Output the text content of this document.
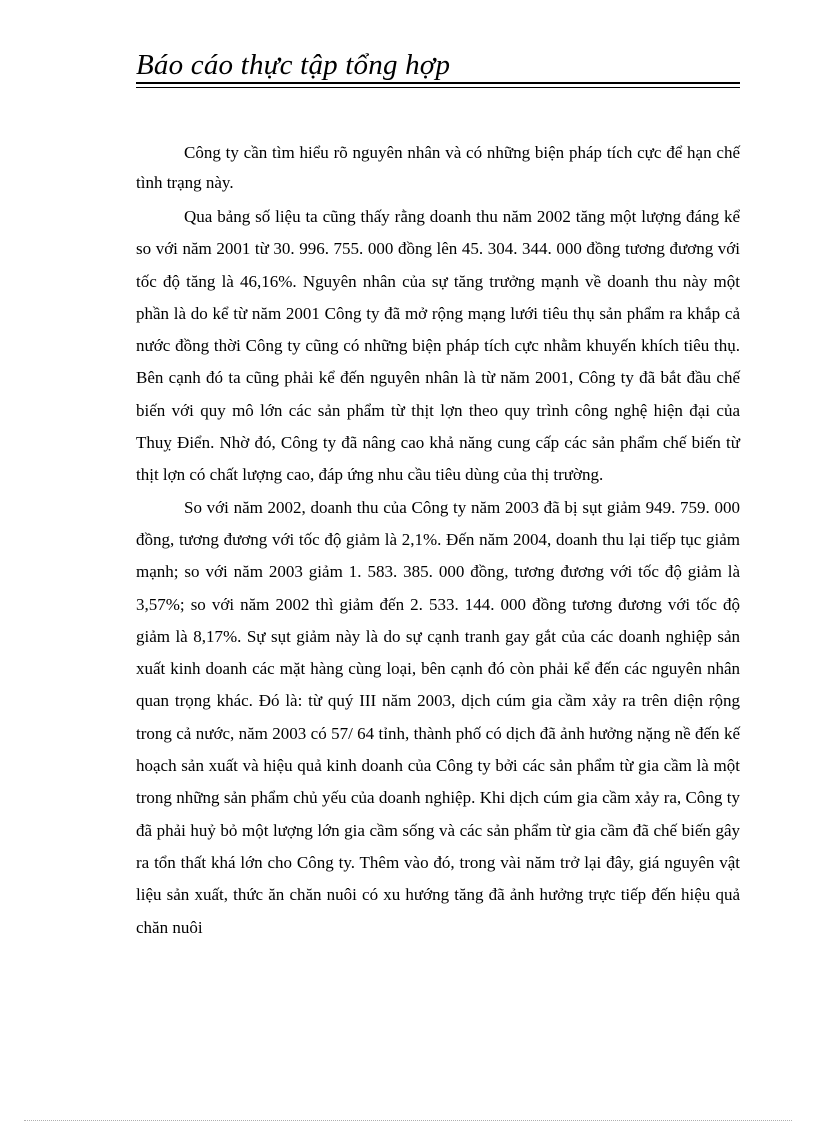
Báo cáo thực tập tổng hợp

Công ty cần tìm hiểu rõ nguyên nhân và có những biện pháp tích cực để hạn chế tình trạng này.

Qua bảng số liệu ta cũng thấy rằng doanh thu năm 2002 tăng một lượng đáng kể so với năm 2001 từ 30. 996. 755. 000 đồng lên 45. 304. 344. 000 đồng tương đương với tốc độ tăng là 46,16%. Nguyên nhân của sự tăng trưởng mạnh về doanh thu này một phần là do kể từ năm 2001 Công ty đã mở rộng mạng lưới tiêu thụ sản phẩm ra khắp cả nước đồng thời Công ty cũng có những biện pháp tích cực nhằm khuyến khích tiêu thụ. Bên cạnh đó ta cũng phải kể đến nguyên nhân là từ năm 2001, Công ty đã bắt đầu chế biến với quy mô lớn các sản phẩm từ thịt lợn theo quy trình công nghệ hiện đại của Thuỵ Điển. Nhờ đó, Công ty đã nâng cao khả năng cung cấp các sản phẩm chế biến từ thịt lợn có chất lượng cao, đáp ứng nhu cầu tiêu dùng của thị trường.

So với năm 2002, doanh thu của Công ty năm 2003 đã bị sụt giảm 949. 759. 000 đồng, tương đương với tốc độ giảm là 2,1%. Đến năm 2004, doanh thu lại tiếp tục giảm mạnh; so với năm 2003 giảm 1. 583. 385. 000 đồng, tương đương với tốc độ giảm là 3,57%; so với năm 2002 thì giảm đến 2. 533. 144. 000 đồng tương đương với tốc độ giảm là 8,17%. Sự sụt giảm này là do sự cạnh tranh gay gắt của các doanh nghiệp sản xuất kinh doanh các mặt hàng cùng loại, bên cạnh đó còn phải kể đến các nguyên nhân quan trọng khác. Đó là: từ quý III năm 2003, dịch cúm gia cầm xảy ra trên diện rộng trong cả nước, năm 2003 có 57/ 64 tỉnh, thành phố có dịch đã ảnh hưởng nặng nề đến kế hoạch sản xuất và hiệu quả kinh doanh của Công ty bởi các sản phẩm từ gia cầm là một trong những sản phẩm chủ yếu của doanh nghiệp. Khi dịch cúm gia cầm xảy ra, Công ty đã phải huỷ bỏ một lượng lớn gia cầm sống và các sản phẩm từ gia cầm đã chế biến gây ra tổn thất khá lớn cho Công ty. Thêm vào đó, trong vài năm trở lại đây, giá nguyên vật liệu sản xuất, thức ăn chăn nuôi có xu hướng tăng đã ảnh hưởng trực tiếp đến hiệu quả chăn nuôi
